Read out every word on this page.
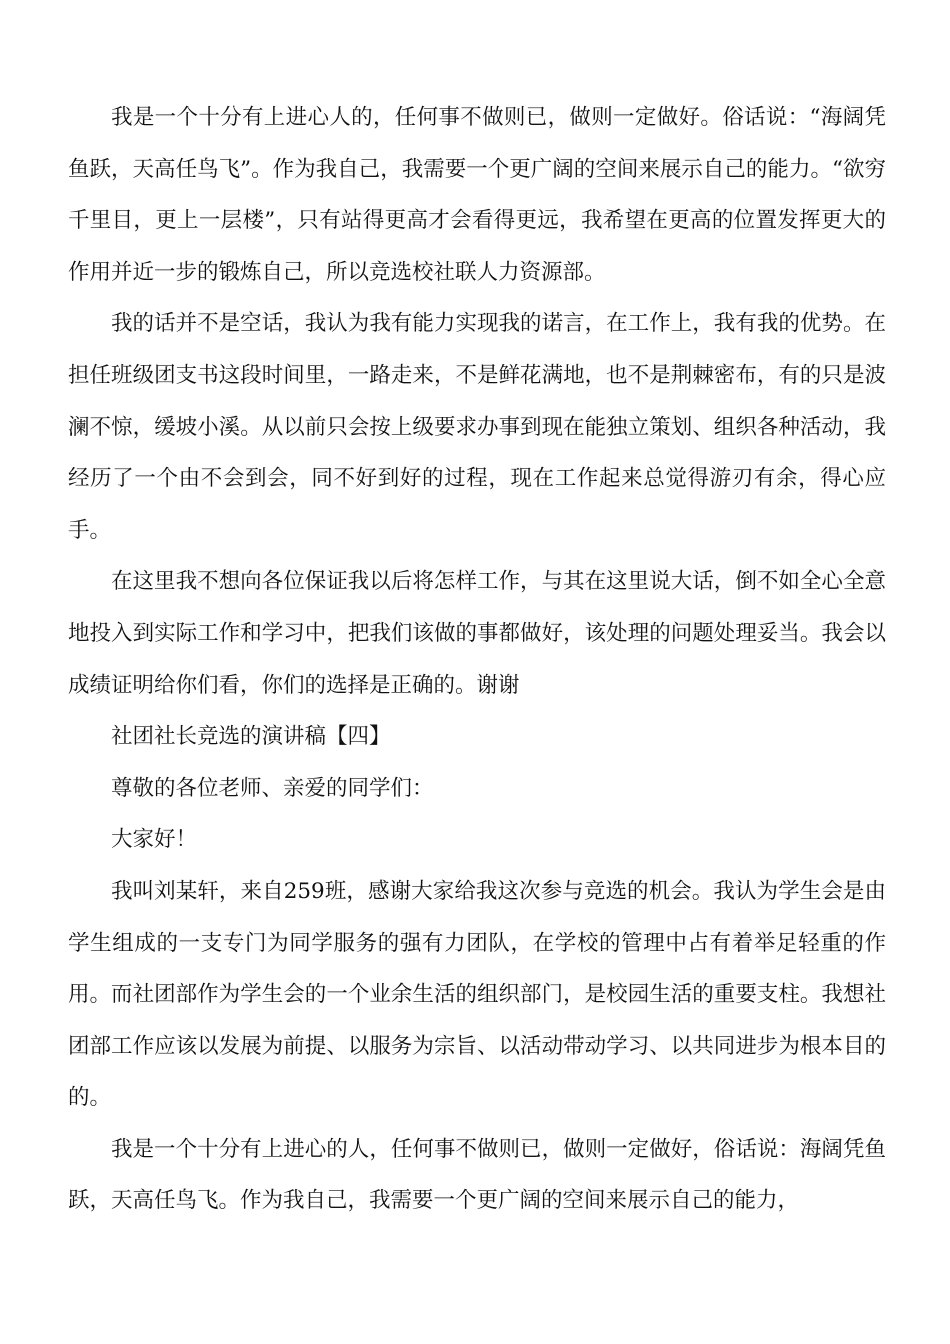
我是一个十分有上进心人的，任何事不做则已，做则一定做好。俗话说：“海阔凭鱼跃，天高任鸟飞”。作为我自己，我需要一个更广阔的空间来展示自己的能力。“欲穷千里目，更上一层楼”，只有站得更高才会看得更远，我希望在更高的位置发挥更大的作用并近一步的锻炼自己，所以竞选校社联人力资源部。

我的话并不是空话，我认为我有能力实现我的诺言，在工作上，我有我的优势。在担任班级团支书这段时间里，一路走来，不是鲜花满地，也不是荆棘密布，有的只是波澜不惊，缓坡小溪。从以前只会按上级要求办事到现在能独立策划、组织各种活动，我经历了一个由不会到会，同不好到好的过程，现在工作起来总觉得游刃有余，得心应手。

在这里我不想向各位保证我以后将怎样工作，与其在这里说大话，倒不如全心全意地投入到实际工作和学习中，把我们该做的事都做好，该处理的问题处理妥当。我会以成绩证明给你们看，你们的选择是正确的。谢谢

社团社长竞选的演讲稿【四】

尊敬的各位老师、亲爱的同学们：

大家好！

我叫刘某轩，来自259班，感谢大家给我这次参与竞选的机会。我认为学生会是由学生组成的一支专门为同学服务的强有力团队，在学校的管理中占有着举足轻重的作用。而社团部作为学生会的一个业余生活的组织部门，是校园生活的重要支柱。我想社团部工作应该以发展为前提、以服务为宗旨、以活动带动学习、以共同进步为根本目的的。

我是一个十分有上进心的人，任何事不做则已，做则一定做好，俗话说：海阔凭鱼跃，天高任鸟飞。作为我自己，我需要一个更广阔的空间来展示自己的能力，
